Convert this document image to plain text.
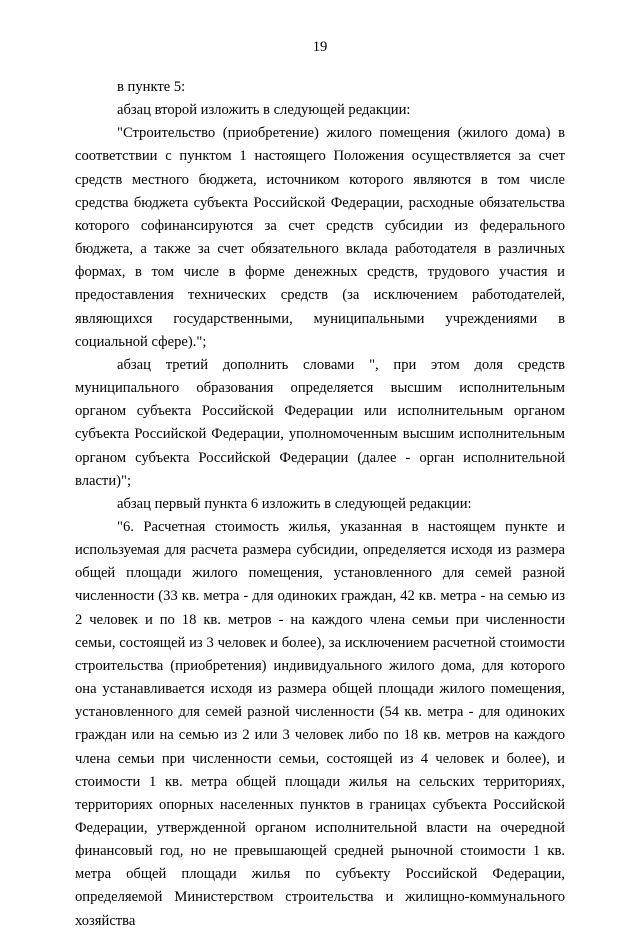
19

в пункте 5:

абзац второй изложить в следующей редакции:

"Строительство (приобретение) жилого помещения (жилого дома) в соответствии с пунктом 1 настоящего Положения осуществляется за счет средств местного бюджета, источником которого являются в том числе средства бюджета субъекта Российской Федерации, расходные обязательства которого софинансируются за счет средств субсидии из федерального бюджета, а также за счет обязательного вклада работодателя в различных формах, в том числе в форме денежных средств, трудового участия и предоставления технических средств (за исключением работодателей, являющихся государственными, муниципальными учреждениями в социальной сфере).";

абзац третий дополнить словами ", при этом доля средств муниципального образования определяется высшим исполнительным органом субъекта Российской Федерации или исполнительным органом субъекта Российской Федерации, уполномоченным высшим исполнительным органом субъекта Российской Федерации (далее - орган исполнительной власти)";

абзац первый пункта 6 изложить в следующей редакции:

"6. Расчетная стоимость жилья, указанная в настоящем пункте и используемая для расчета размера субсидии, определяется исходя из размера общей площади жилого помещения, установленного для семей разной численности (33 кв. метра - для одиноких граждан, 42 кв. метра - на семью из 2 человек и по 18 кв. метров - на каждого члена семьи при численности семьи, состоящей из 3 человек и более), за исключением расчетной стоимости строительства (приобретения) индивидуального жилого дома, для которого она устанавливается исходя из размера общей площади жилого помещения, установленного для семей разной численности (54 кв. метра - для одиноких граждан или на семью из 2 или 3 человек либо по 18 кв. метров на каждого члена семьи при численности семьи, состоящей из 4 человек и более), и стоимости 1 кв. метра общей площади жилья на сельских территориях, территориях опорных населенных пунктов в границах субъекта Российской Федерации, утвержденной органом исполнительной власти на очередной финансовый год, но не превышающей средней рыночной стоимости 1 кв. метра общей площади жилья по субъекту Российской Федерации, определяемой Министерством строительства и жилищно-коммунального хозяйства
